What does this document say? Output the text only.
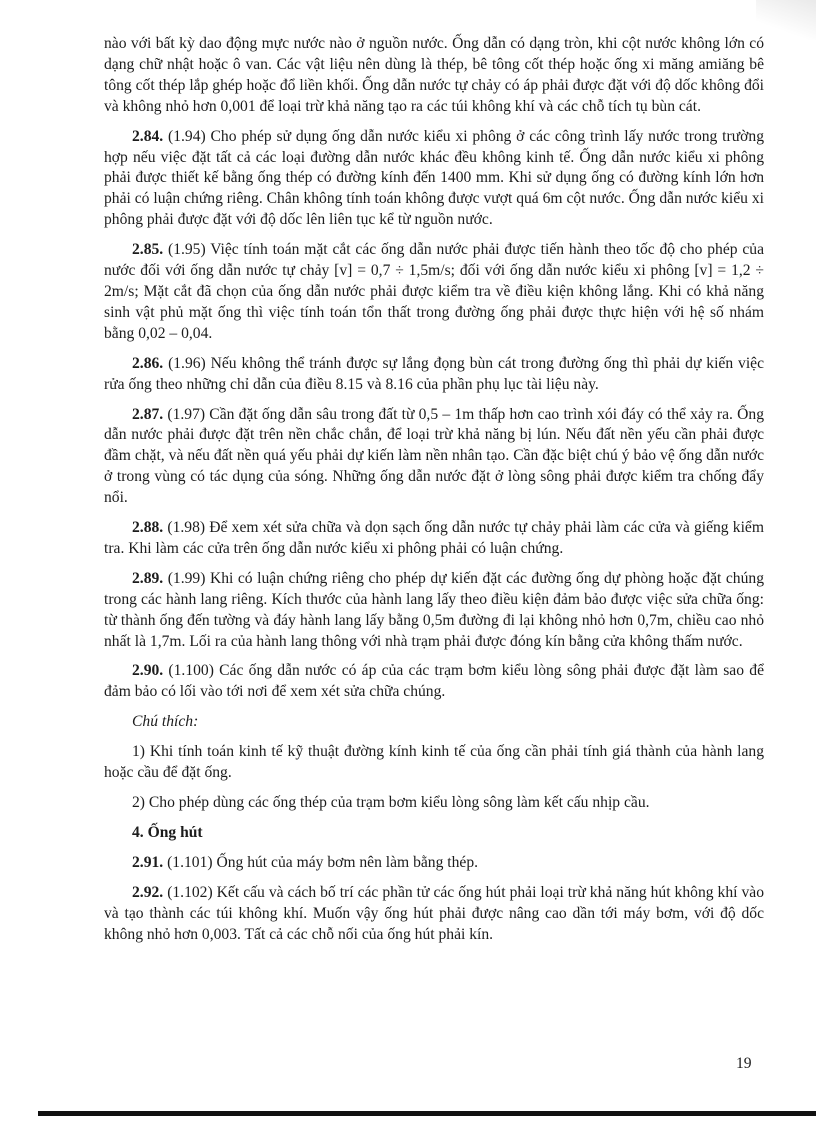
nào với bất kỳ dao động mực nước nào ở nguồn nước. Ống dẫn có dạng tròn, khi cột nước không lớn có dạng chữ nhật hoặc ô van. Các vật liệu nên dùng là thép, bê tông cốt thép hoặc ống xi măng amiăng bê tông cốt thép lắp ghép hoặc đổ liền khối. Ống dẫn nước tự chảy có áp phải được đặt với độ dốc không đổi và không nhỏ hơn 0,001 để loại trừ khả năng tạo ra các túi không khí và các chỗ tích tụ bùn cát.

2.84. (1.94) Cho phép sử dụng ống dẫn nước kiểu xi phông ở các công trình lấy nước trong trường hợp nếu việc đặt tất cả các loại đường dẫn nước khác đều không kinh tế. Ống dẫn nước kiểu xi phông phải được thiết kế bằng ống thép có đường kính đến 1400 mm. Khi sử dụng ống có đường kính lớn hơn phải có luận chứng riêng. Chân không tính toán không được vượt quá 6m cột nước. Ống dẫn nước kiểu xi phông phải được đặt với độ dốc lên liên tục kể từ nguồn nước.

2.85. (1.95) Việc tính toán mặt cắt các ống dẫn nước phải được tiến hành theo tốc độ cho phép của nước đối với ống dẫn nước tự chảy [v] = 0,7 ÷ 1,5m/s; đối với ống dẫn nước kiểu xi phông [v] = 1,2 ÷ 2m/s; Mặt cắt đã chọn của ống dẫn nước phải được kiểm tra về điều kiện không lắng. Khi có khả năng sinh vật phủ mặt ống thì việc tính toán tổn thất trong đường ống phải được thực hiện với hệ số nhám bằng 0,02 – 0,04.

2.86. (1.96) Nếu không thể tránh được sự lắng đọng bùn cát trong đường ống thì phải dự kiến việc rửa ống theo những chỉ dẫn của điều 8.15 và 8.16 của phần phụ lục tài liệu này.

2.87. (1.97) Cần đặt ống dẫn sâu trong đất từ 0,5 – 1m thấp hơn cao trình xói đáy có thể xảy ra. Ống dẫn nước phải được đặt trên nền chắc chắn, để loại trừ khả năng bị lún. Nếu đất nền yếu cần phải được đầm chặt, và nếu đất nền quá yếu phải dự kiến làm nền nhân tạo. Cần đặc biệt chú ý bảo vệ ống dẫn nước ở trong vùng có tác dụng của sóng. Những ống dẫn nước đặt ở lòng sông phải được kiểm tra chống đẩy nổi.

2.88. (1.98) Để xem xét sửa chữa và dọn sạch ống dẫn nước tự chảy phải làm các cửa và giếng kiểm tra. Khi làm các cửa trên ống dẫn nước kiểu xi phông phải có luận chứng.

2.89. (1.99) Khi có luận chứng riêng cho phép dự kiến đặt các đường ống dự phòng hoặc đặt chúng trong các hành lang riêng. Kích thước của hành lang lấy theo điều kiện đảm bảo được việc sửa chữa ống: từ thành ống đến tường và đáy hành lang lấy bằng 0,5m đường đi lại không nhỏ hơn 0,7m, chiều cao nhỏ nhất là 1,7m. Lối ra của hành lang thông với nhà trạm phải được đóng kín bằng cửa không thấm nước.

2.90. (1.100) Các ống dẫn nước có áp của các trạm bơm kiểu lòng sông phải được đặt làm sao để đảm bảo có lối vào tới nơi để xem xét sửa chữa chúng.

Chú thích:

1) Khi tính toán kinh tế kỹ thuật đường kính kinh tế của ống cần phải tính giá thành của hành lang hoặc cầu để đặt ống.

2) Cho phép dùng các ống thép của trạm bơm kiểu lòng sông làm kết cấu nhịp cầu.

4. Ống hút

2.91. (1.101) Ống hút của máy bơm nên làm bằng thép.

2.92. (1.102) Kết cấu và cách bố trí các phần tử các ống hút phải loại trừ khả năng hút không khí vào và tạo thành các túi không khí. Muốn vậy ống hút phải được nâng cao dần tới máy bơm, với độ dốc không nhỏ hơn 0,003. Tất cả các chỗ nối của ống hút phải kín.

19
